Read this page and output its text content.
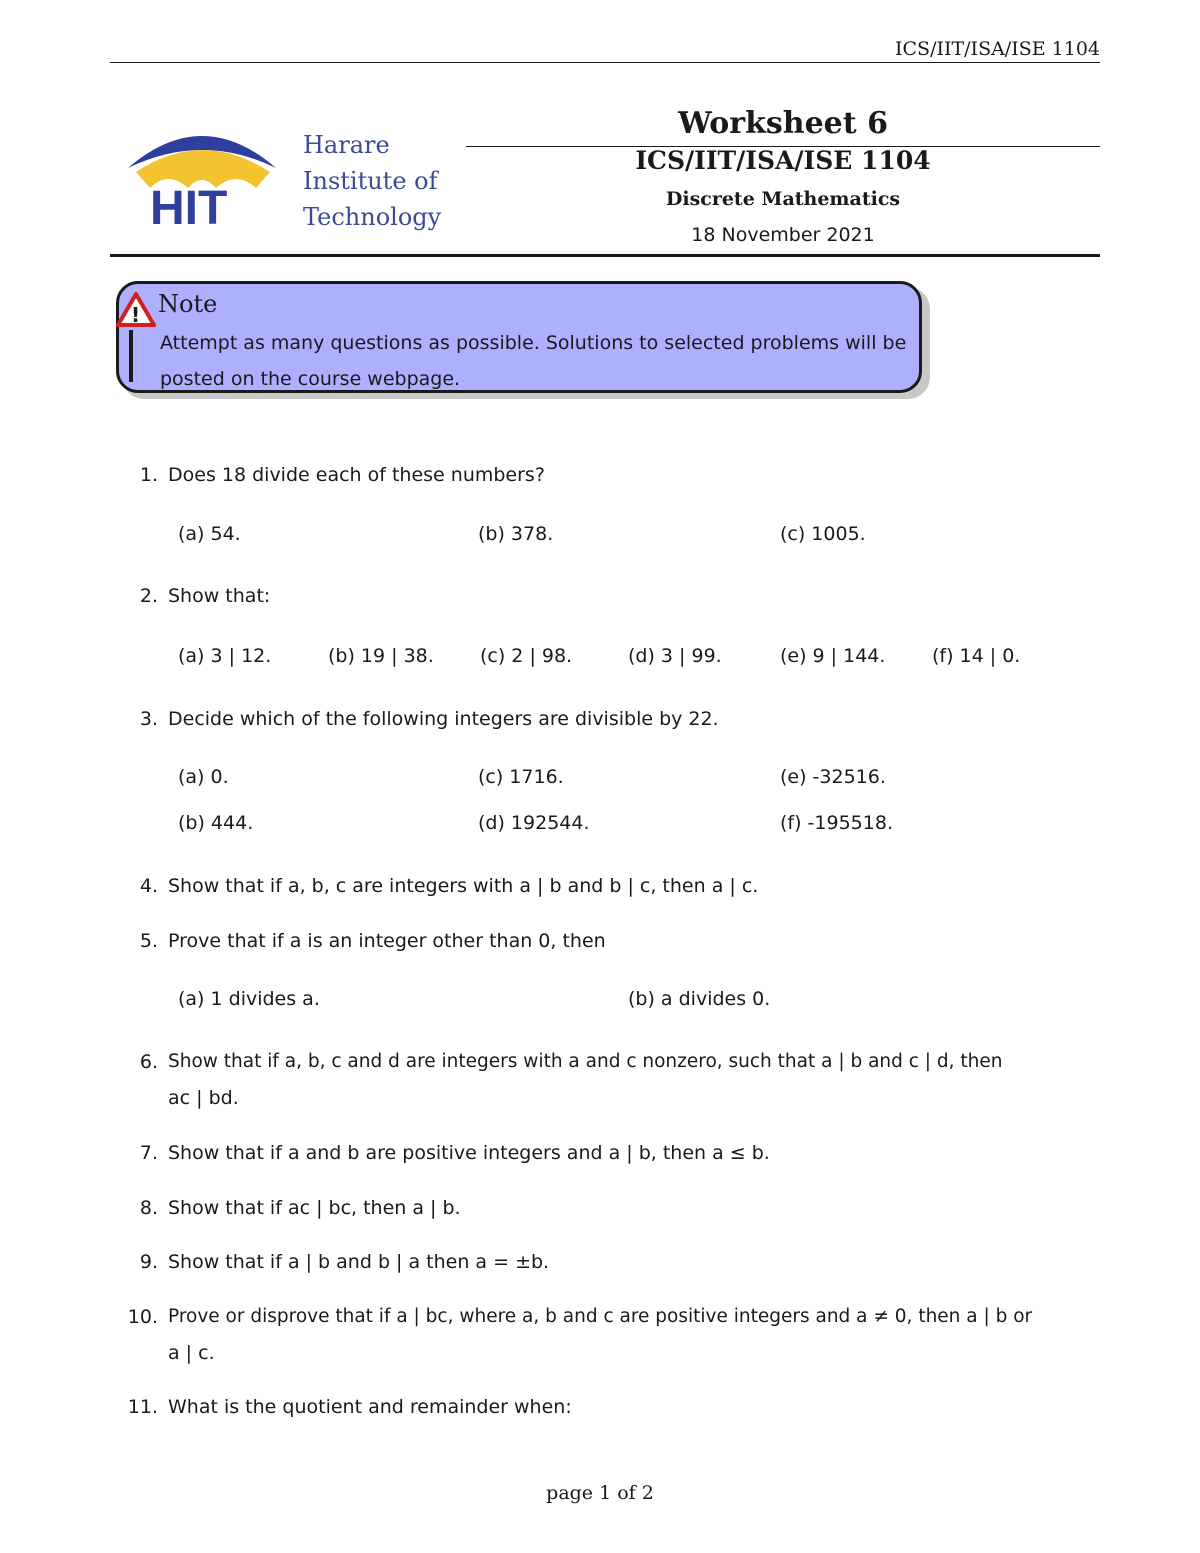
ICS/IIT/ISA/ISE 1104
HIT
Harare
Institute of
Technology
Worksheet 6
ICS/IIT/ISA/ISE 1104
Discrete Mathematics
18 November 2021
! Note
Attempt as many questions as possible. Solutions to selected problems will be posted on the course webpage.
1. Does 18 divide each of these numbers?
(a) 54.	(b) 378.	(c) 1005.
2. Show that:
(a) 3 | 12.	(b) 19 | 38. (c) 2 | 98.	(d) 3 | 99.	(e) 9 | 144. (f) 14 | 0.
3. Decide which of the following integers are divisible by 22.
(a) 0.	(c) 1716.	(e) -32516.
(b) 444.	(d) 192544.	(f) -195518.
4. Show that if a, b, c are integers with a | b and b | c, then a | c.
5. Prove that if a is an integer other than 0, then
(a) 1 divides a.	(b) a divides 0.
6. Show that if a, b, c and d are integers with a and c nonzero, such that a | b and c | d, then
ac | bd.
7. Show that if a and b are positive integers and a | b, then a ≤ b.
8. Show that if ac | bc, then a | b.
9. Show that if a | b and b | a then a = ±b.
10. Prove or disprove that if a | bc, where a, b and c are positive integers and a ≠ 0, then a | b or
a | c.
11. What is the quotient and remainder when:
page 1 of 2
